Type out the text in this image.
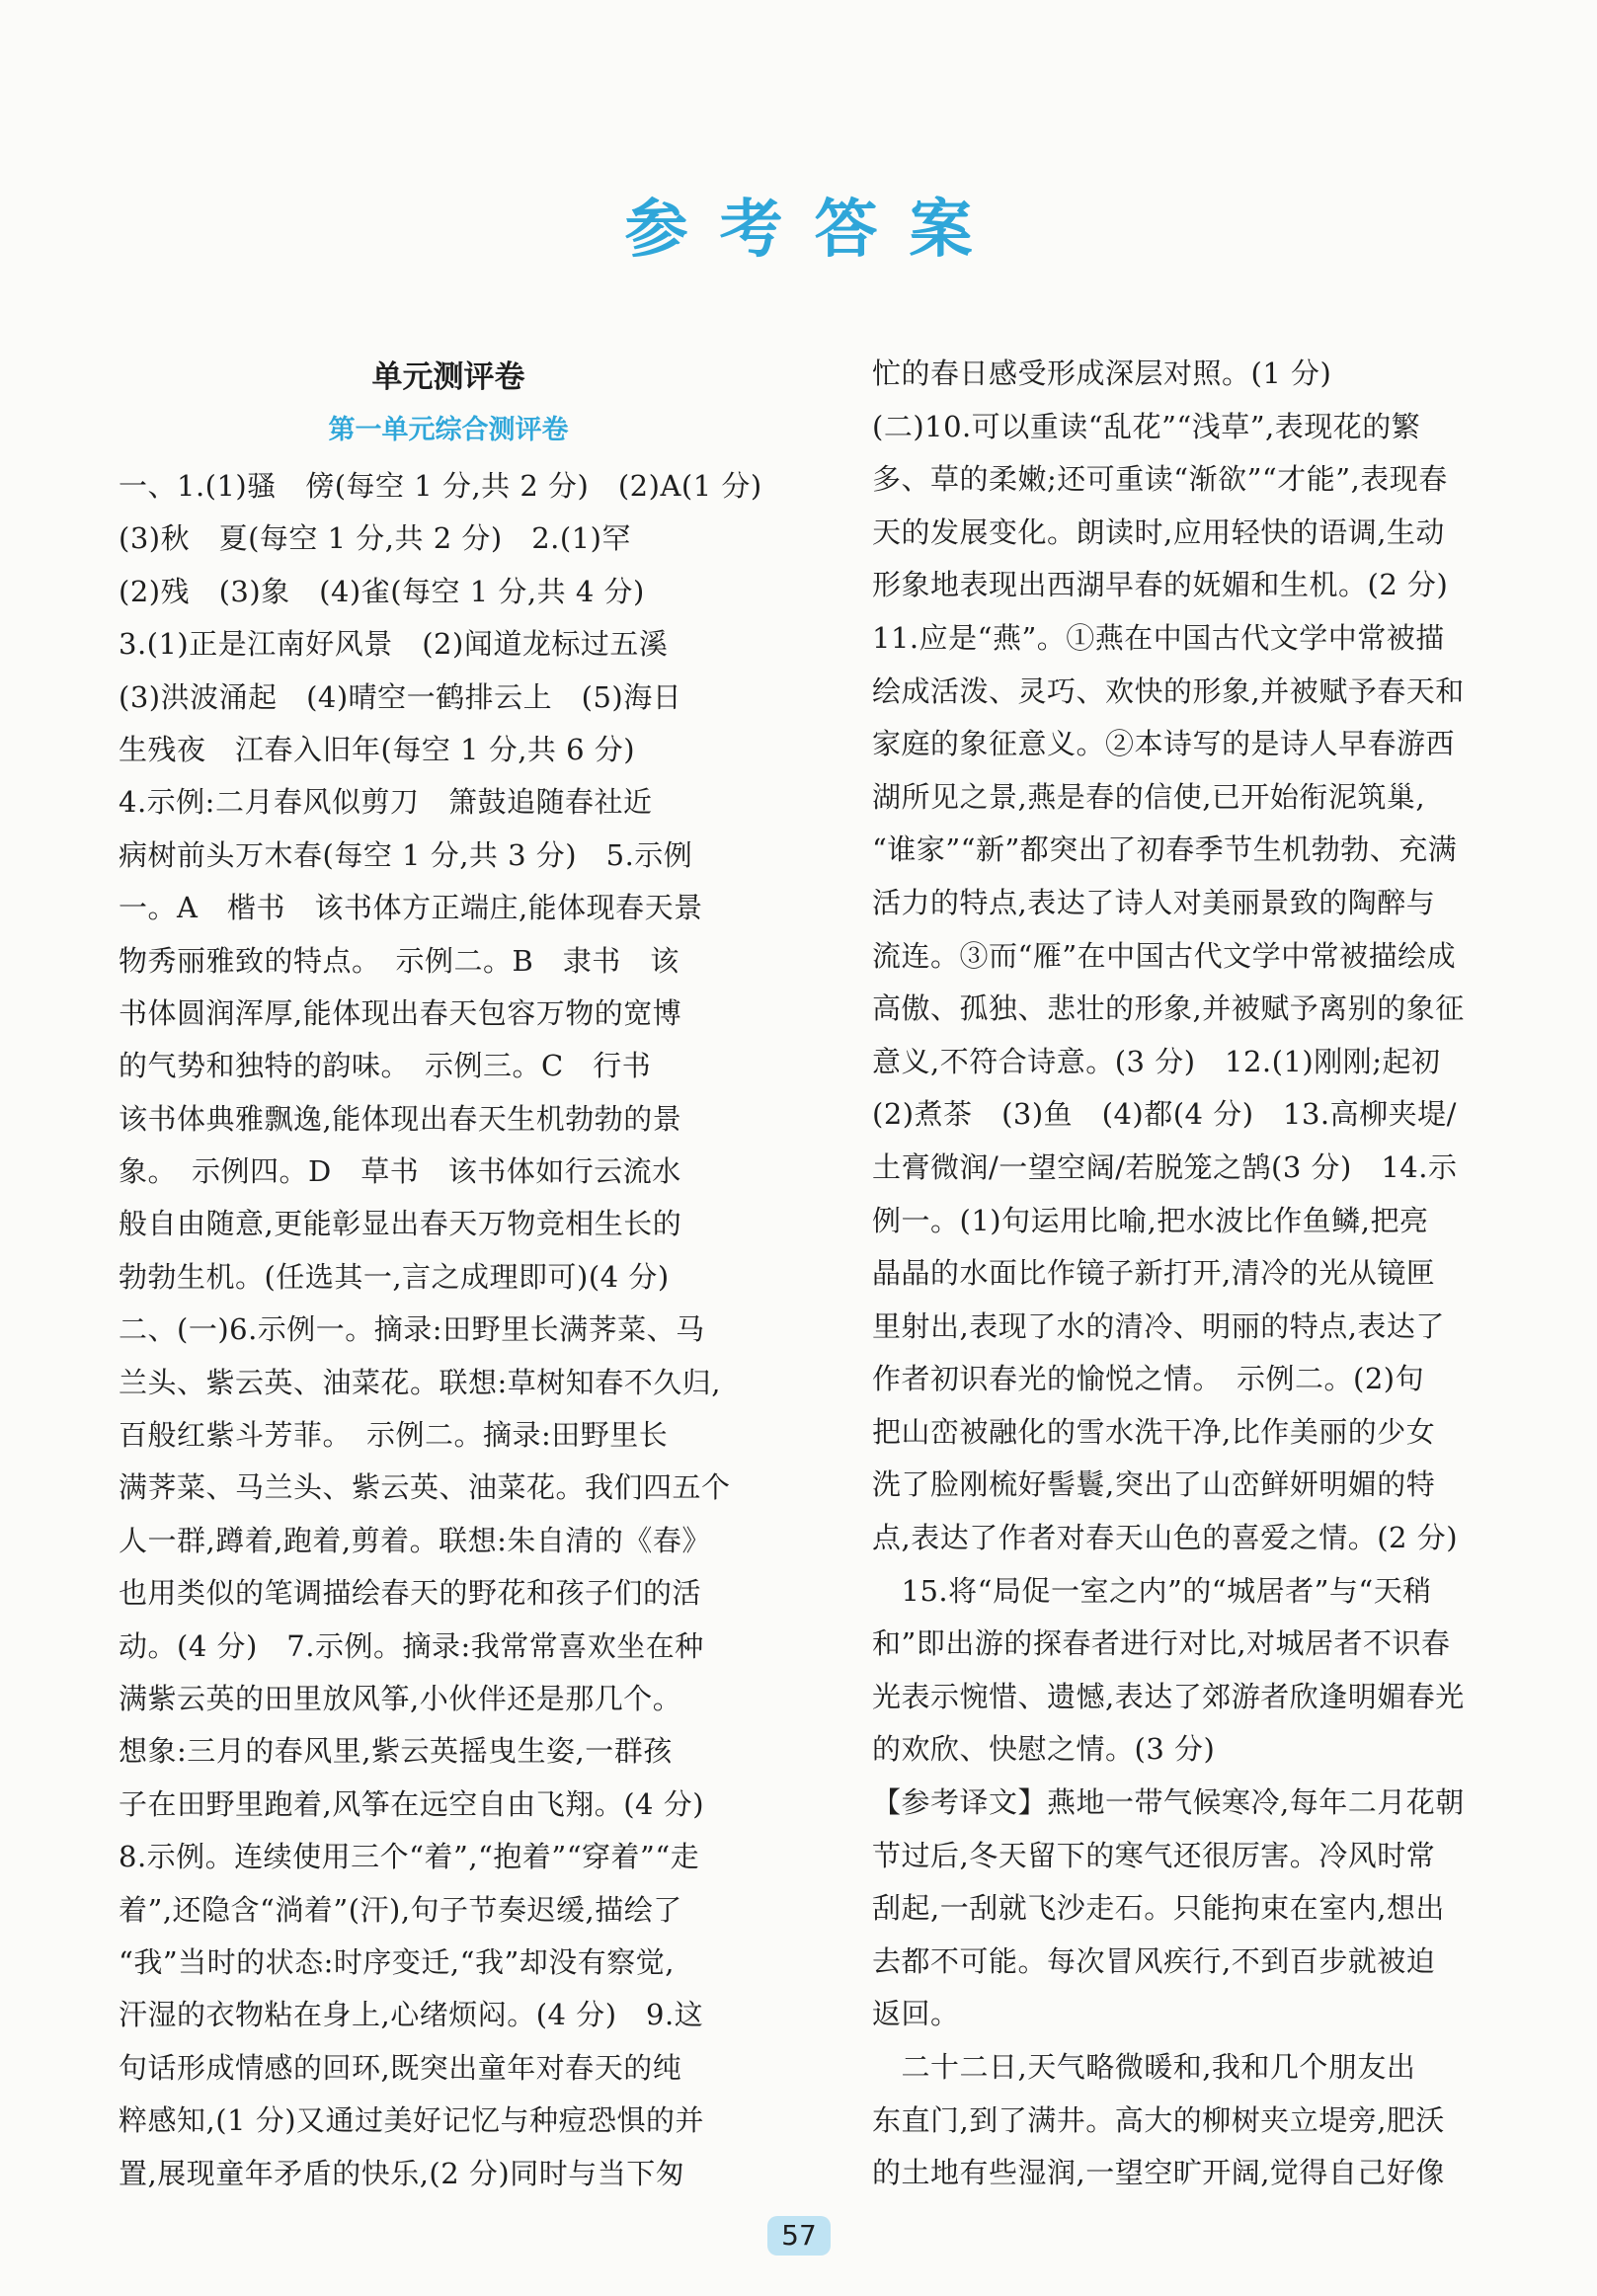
参考答案
单元测评卷
第一单元综合测评卷
一、1.(1)骚　傍(每空 1 分,共 2 分)　(2)A(1 分)
(3)秋　夏(每空 1 分,共 2 分)　2.(1)罕
(2)残　(3)象　(4)雀(每空 1 分,共 4 分)
3.(1)正是江南好风景　(2)闻道龙标过五溪
(3)洪波涌起　(4)晴空一鹤排云上　(5)海日
生残夜　江春入旧年(每空 1 分,共 6 分)
4.示例:二月春风似剪刀　箫鼓追随春社近
病树前头万木春(每空 1 分,共 3 分)　5.示例
一。A　楷书　该书体方正端庄,能体现春天景
物秀丽雅致的特点。　示例二。B　隶书　该
书体圆润浑厚,能体现出春天包容万物的宽博
的气势和独特的韵味。　示例三。C　行书
该书体典雅飘逸,能体现出春天生机勃勃的景
象。　示例四。D　草书　该书体如行云流水
般自由随意,更能彰显出春天万物竞相生长的
勃勃生机。(任选其一,言之成理即可)(4 分)
二、(一)6.示例一。摘录:田野里长满荠菜、马
兰头、紫云英、油菜花。联想:草树知春不久归,
百般红紫斗芳菲。　示例二。摘录:田野里长
满荠菜、马兰头、紫云英、油菜花。我们四五个
人一群,蹲着,跑着,剪着。联想:朱自清的《春》
也用类似的笔调描绘春天的野花和孩子们的活
动。(4 分)　7.示例。摘录:我常常喜欢坐在种
满紫云英的田里放风筝,小伙伴还是那几个。
想象:三月的春风里,紫云英摇曳生姿,一群孩
子在田野里跑着,风筝在远空自由飞翔。(4 分)
8.示例。连续使用三个“着”,“抱着”“穿着”“走
着”,还隐含“淌着”(汗),句子节奏迟缓,描绘了
“我”当时的状态:时序变迁,“我”却没有察觉,
汗湿的衣物粘在身上,心绪烦闷。(4 分)　9.这
句话形成情感的回环,既突出童年对春天的纯
粹感知,(1 分)又通过美好记忆与种痘恐惧的并
置,展现童年矛盾的快乐,(2 分)同时与当下匆
忙的春日感受形成深层对照。(1 分)
(二)10.可以重读“乱花”“浅草”,表现花的繁
多、草的柔嫩;还可重读“渐欲”“才能”,表现春
天的发展变化。朗读时,应用轻快的语调,生动
形象地表现出西湖早春的妩媚和生机。(2 分)
11.应是“燕”。①燕在中国古代文学中常被描
绘成活泼、灵巧、欢快的形象,并被赋予春天和
家庭的象征意义。②本诗写的是诗人早春游西
湖所见之景,燕是春的信使,已开始衔泥筑巢,
“谁家”“新”都突出了初春季节生机勃勃、充满
活力的特点,表达了诗人对美丽景致的陶醉与
流连。③而“雁”在中国古代文学中常被描绘成
高傲、孤独、悲壮的形象,并被赋予离别的象征
意义,不符合诗意。(3 分)　12.(1)刚刚;起初
(2)煮茶　(3)鱼　(4)都(4 分)　13.高柳夹堤/
土膏微润/一望空阔/若脱笼之鹄(3 分)　14.示
例一。(1)句运用比喻,把水波比作鱼鳞,把亮
晶晶的水面比作镜子新打开,清冷的光从镜匣
里射出,表现了水的清冷、明丽的特点,表达了
作者初识春光的愉悦之情。　示例二。(2)句
把山峦被融化的雪水洗干净,比作美丽的少女
洗了脸刚梳好髻鬟,突出了山峦鲜妍明媚的特
点,表达了作者对春天山色的喜爱之情。(2 分)
　15.将“局促一室之内”的“城居者”与“天稍
和”即出游的探春者进行对比,对城居者不识春
光表示惋惜、遗憾,表达了郊游者欣逢明媚春光
的欢欣、快慰之情。(3 分)
【参考译文】燕地一带气候寒冷,每年二月花朝
节过后,冬天留下的寒气还很厉害。冷风时常
刮起,一刮就飞沙走石。只能拘束在室内,想出
去都不可能。每次冒风疾行,不到百步就被迫
返回。
　二十二日,天气略微暖和,我和几个朋友出
东直门,到了满井。高大的柳树夹立堤旁,肥沃
的土地有些湿润,一望空旷开阔,觉得自己好像
57
